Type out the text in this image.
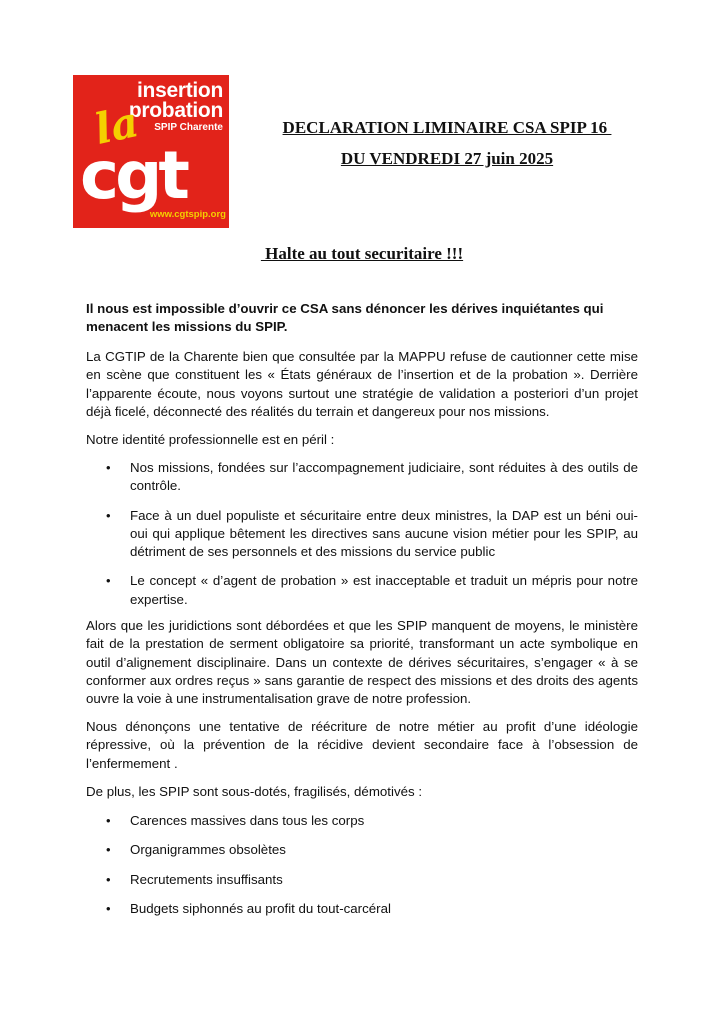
insertion
probation
SPIP Charente
la
cgt
www.cgtspip.org
DECLARATION LIMINAIRE CSA SPIP 16
DU VENDREDI 27 juin 2025
Halte au tout securitaire !!!

Il nous est impossible d’ouvrir ce CSA sans dénoncer les dérives inquiétantes qui menacent les missions du SPIP.

La CGTIP de la Charente bien que consultée par la MAPPU refuse de cautionner cette mise en scène que constituent les « États généraux de l’insertion et de la probation ». Derrière l’apparente écoute, nous voyons surtout une stratégie de validation a posteriori d’un projet déjà ficelé, déconnecté des réalités du terrain et dangereux pour nos missions.

Notre identité professionnelle est en péril :

• Nos missions, fondées sur l’accompagnement judiciaire, sont réduites à des outils de contrôle.
• Face à un duel populiste et sécuritaire entre deux ministres, la DAP est un béni oui-oui qui applique bêtement les directives sans aucune vision métier pour les SPIP, au détriment de ses personnels et des missions du service public
• Le concept « d’agent de probation » est inacceptable et traduit un mépris pour notre expertise.

Alors que les juridictions sont débordées et que les SPIP manquent de moyens, le ministère fait de la prestation de serment obligatoire sa priorité, transformant un acte symbolique en outil d’alignement disciplinaire. Dans un contexte de dérives sécuritaires, s’engager « à se conformer aux ordres reçus » sans garantie de respect des missions et des droits des agents ouvre la voie à une instrumentalisation grave de notre profession.

Nous dénonçons une tentative de réécriture de notre métier au profit d’une idéologie répressive, où la prévention de la récidive devient secondaire face à l’obsession de l’enfermement .

De plus, les SPIP sont sous-dotés, fragilisés, démotivés :

• Carences massives dans tous les corps
• Organigrammes obsolètes
• Recrutements insuffisants
• Budgets siphonnés au profit du tout-carcéral
